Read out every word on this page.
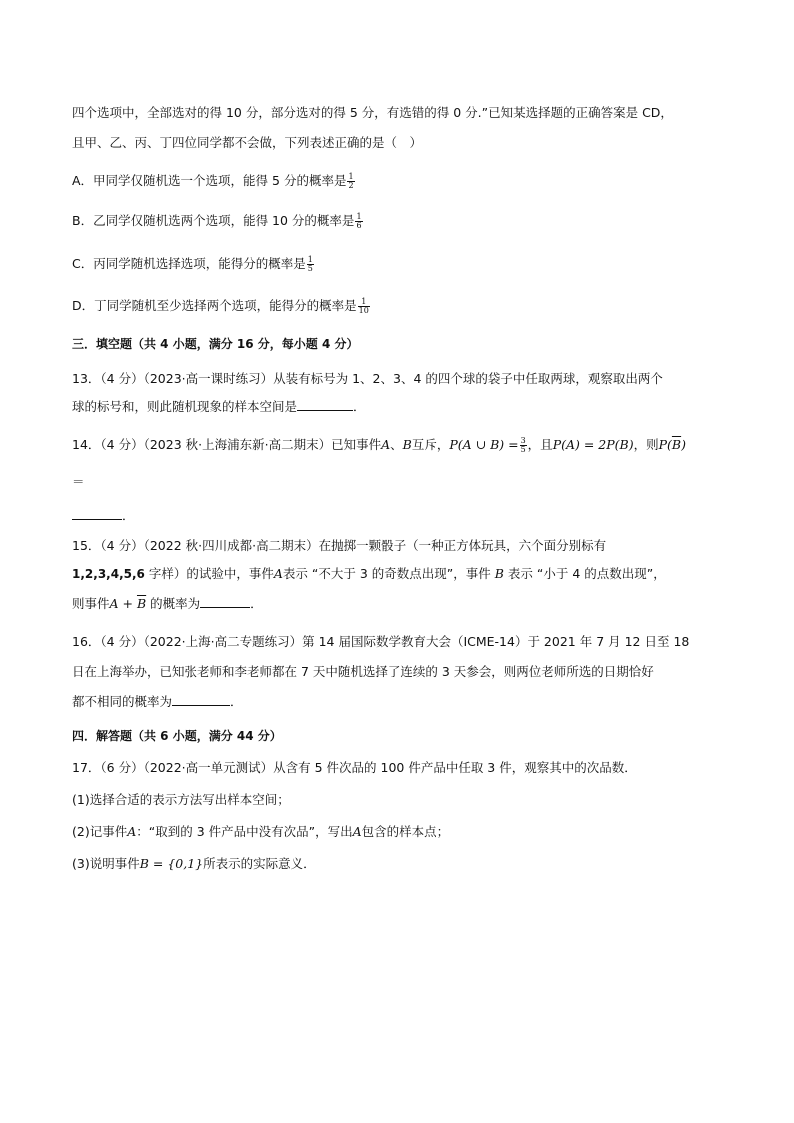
四个选项中，全部选对的得 10 分，部分选对的得 5 分，有选错的得 0 分.”已知某选择题的正确答案是 CD，
且甲、乙、丙、丁四位同学都不会做，下列表述正确的是（　）
A．甲同学仅随机选一个选项，能得 5 分的概率是 $\frac{1}{2}$
B．乙同学仅随机选两个选项，能得 10 分的概率是 $\frac{1}{6}$
C．丙同学随机选择选项，能得分的概率是 $\frac{1}{5}$
D．丁同学随机至少选择两个选项，能得分的概率是 $\frac{1}{10}$
三．填空题（共 4 小题，满分 16 分，每小题 4 分）
13．（4 分）（2023·高一课时练习）从装有标号为 1、2、3、4 的四个球的袋子中任取两球，观察取出两个
球的标号和，则此随机现象的样本空间是	．
14．（4 分）（2023 秋·上海浦东新·高二期末）已知事件A、B互斥，P(A ∪ $B) = \frac{3}{5}$ ，且P(A) = 2P(B)，则$P(\overline{B})$
＝
．
15．（4 分）（2022 秋·四川成都·高二期末）在抛掷一颗骰子（一种正方体玩具，六个面分别标有
1,2,3,4,5,6 字样）的试验中，事件A表示 “不大于 3 的奇数点出现”，事件 B 表示 “小于 4 的点数出现”，
则事件$A + \overline{B}$ 的概率为	．
16．（4 分）（2022·上海·高二专题练习）第 14 届国际数学教育大会（ICME-14）于 2021 年 7 月 12 日至 18
日在上海举办，已知张老师和李老师都在 7 天中随机选择了连续的 3 天参会，则两位老师所选的日期恰好
都不相同的概率为	．
四．解答题（共 6 小题，满分 44 分）
17．（6 分）（2022·高一单元测试）从含有 5 件次品的 100 件产品中任取 3 件，观察其中的次品数．
(1)选择合适的表示方法写出样本空间；
(2)记事件A：“取到的 3 件产品中没有次品”，写出A包含的样本点；
(3)说明事件B = {0,1}所表示的实际意义．
